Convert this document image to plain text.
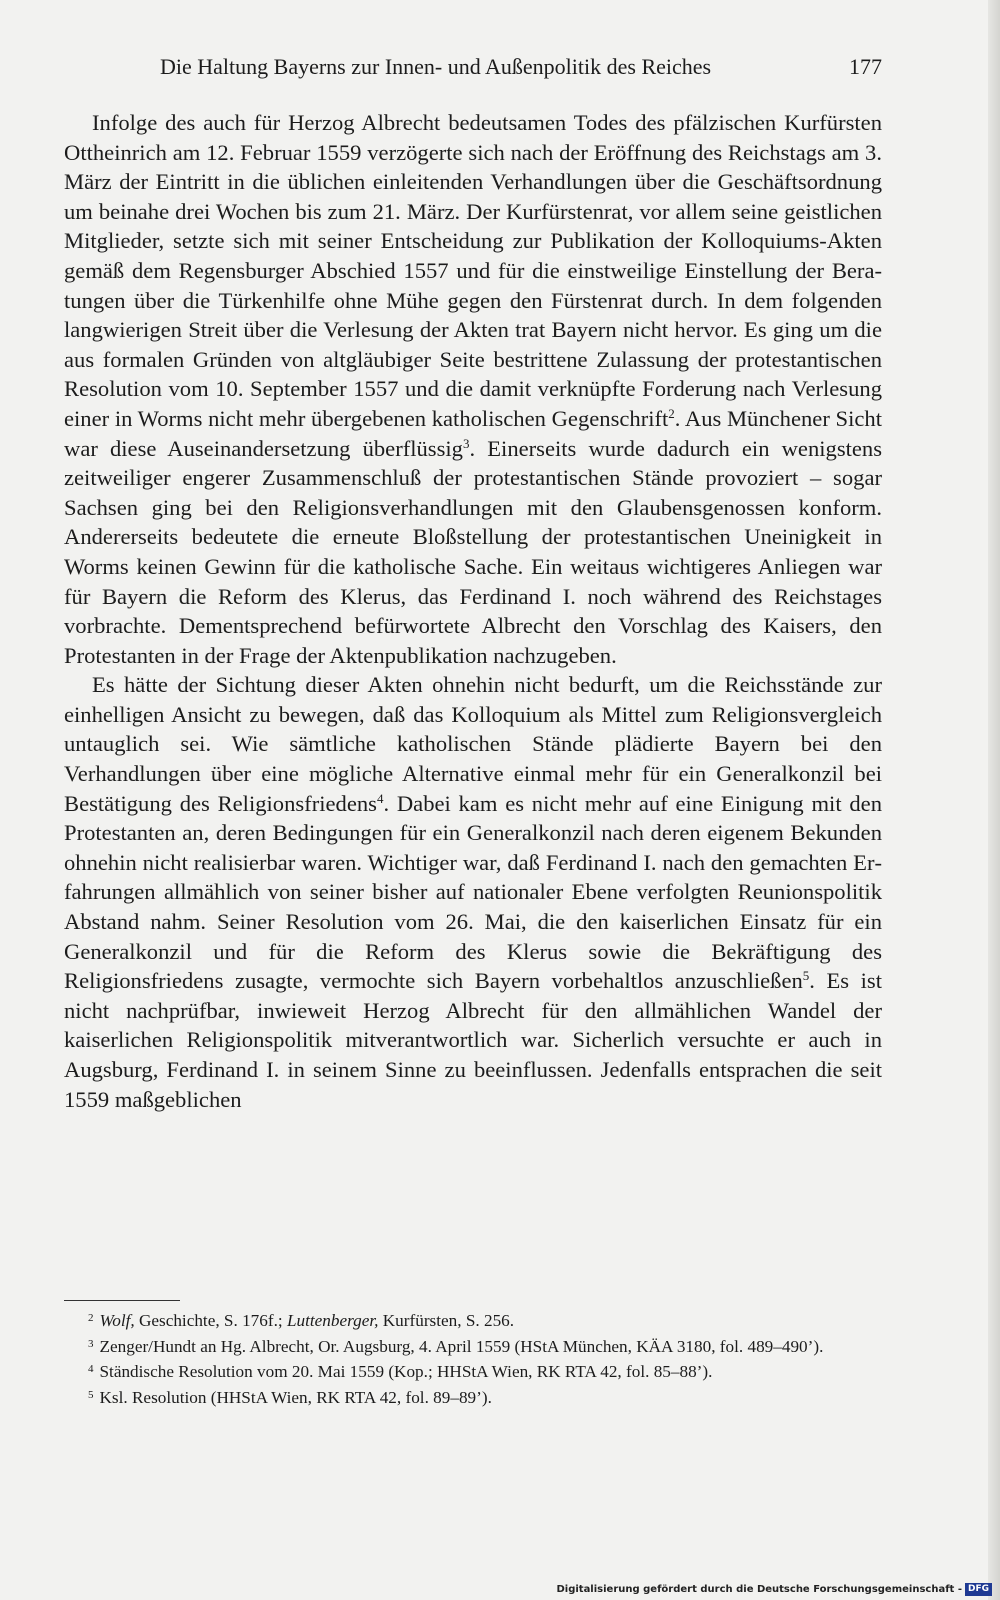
Die Haltung Bayerns zur Innen- und Außenpolitik des Reiches	177

Infolge des auch für Herzog Albrecht bedeutsamen Todes des pfälzischen Kurfürsten Ottheinrich am 12. Februar 1559 verzögerte sich nach der Eröffnung des Reichstags am 3. März der Eintritt in die üblichen einleitenden Verhandlungen über die Geschäftsordnung um beinahe drei Wochen bis zum 21. März. Der Kurfürstenrat, vor allem seine geistlichen Mitglieder, setzte sich mit seiner Entscheidung zur Publikation der Kolloquiums-Akten gemäß dem Regensburger Abschied 1557 und für die einstweilige Einstellung der Beratungen über die Türkenhilfe ohne Mühe gegen den Fürstenrat durch. In dem folgenden langwierigen Streit über die Verlesung der Akten trat Bayern nicht hervor. Es ging um die aus formalen Gründen von altgläubiger Seite bestrittene Zulassung der protestantischen Resolution vom 10. September 1557 und die damit verknüpfte Forderung nach Verlesung einer in Worms nicht mehr übergebenen katholischen Gegenschrift$^2$. Aus Münchener Sicht war diese Auseinandersetzung überflüssig$^3$. Einerseits wurde dadurch ein wenigstens zeitweiliger engerer Zusammenschluß der protestantischen Stände provoziert – sogar Sachsen ging bei den Religionsverhandlungen mit den Glaubensgenossen konform. Andererseits bedeutete die erneute Bloßstellung der protestantischen Uneinigkeit in Worms keinen Gewinn für die katholische Sache. Ein weitaus wichtigeres Anliegen war für Bayern die Reform des Klerus, das Ferdinand I. noch während des Reichstages vorbrachte. Dementsprechend befürwortete Albrecht den Vorschlag des Kaisers, den Protestanten in der Frage der Aktenpublikation nachzugeben.

Es hätte der Sichtung dieser Akten ohnehin nicht bedurft, um die Reichsstände zur einhelligen Ansicht zu bewegen, daß das Kolloquium als Mittel zum Religionsvergleich untauglich sei. Wie sämtliche katholischen Stände plädierte Bayern bei den Verhandlungen über eine mögliche Alternative einmal mehr für ein Generalkonzil bei Bestätigung des Religionsfriedens$^4$. Dabei kam es nicht mehr auf eine Einigung mit den Protestanten an, deren Bedingungen für ein Generalkonzil nach deren eigenem Bekunden ohnehin nicht realisierbar waren. Wichtiger war, daß Ferdinand I. nach den gemachten Erfahrungen allmählich von seiner bisher auf nationaler Ebene verfolgten Reunionspolitik Abstand nahm. Seiner Resolution vom 26. Mai, die den kaiserlichen Einsatz für ein Generalkonzil und für die Reform des Klerus sowie die Bekräftigung des Religionsfriedens zusagte, vermochte sich Bayern vorbehaltlos anzuschließen$^5$. Es ist nicht nachprüfbar, inwieweit Herzog Albrecht für den allmählichen Wandel der kaiserlichen Religionspolitik mitverantwortlich war. Sicherlich versuchte er auch in Augsburg, Ferdinand I. in seinem Sinne zu beeinflussen. Jedenfalls entsprachen die seit 1559 maßgeblichen

$^2$ Wolf, Geschichte, S. 176f.; Luttenberger, Kurfürsten, S. 256.

$^3$ Zenger/Hundt an Hg. Albrecht, Or. Augsburg, 4. April 1559 (HStA München, KÄA 3180, fol. 489–490’).

$^4$ Ständische Resolution vom 20. Mai 1559 (Kop.; HHStA Wien, RK RTA 42, fol. 85–88’).

$^5$ Ksl. Resolution (HHStA Wien, RK RTA 42, fol. 89–89’).

Digitalisierung gefördert durch die Deutsche Forschungsgemeinschaft - DFG
